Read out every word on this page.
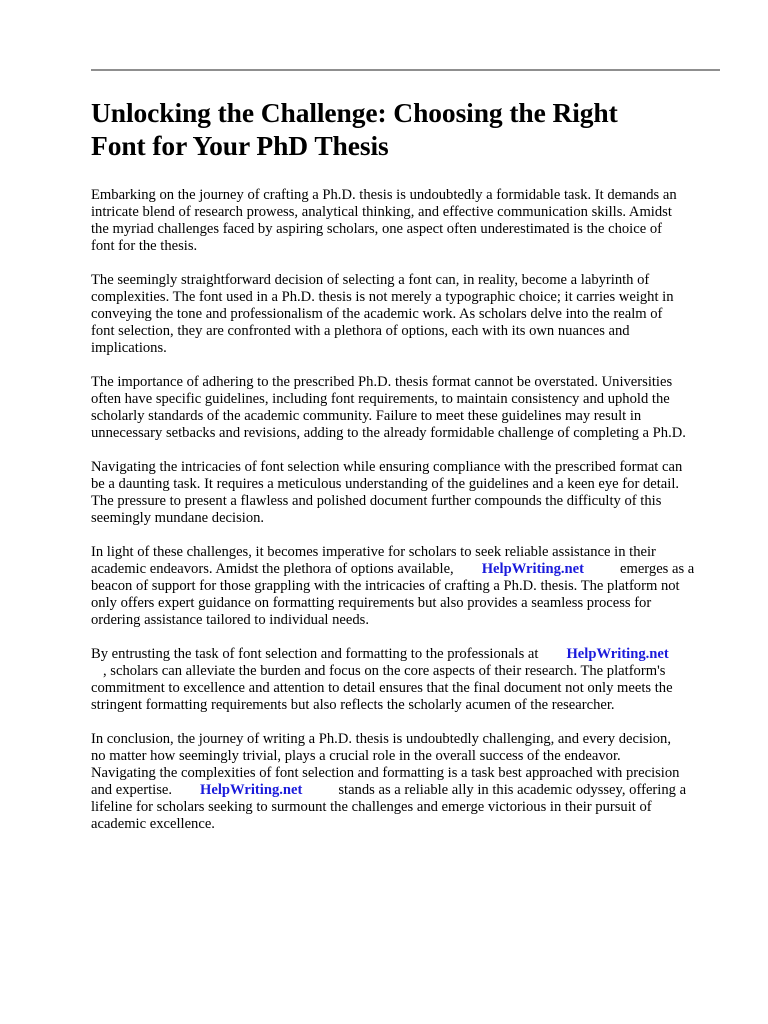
Unlocking the Challenge: Choosing the Right
Font for Your PhD Thesis

Embarking on the journey of crafting a Ph.D. thesis is undoubtedly a formidable task. It demands an
intricate blend of research prowess, analytical thinking, and effective communication skills. Amidst
the myriad challenges faced by aspiring scholars, one aspect often underestimated is the choice of
font for the thesis.

The seemingly straightforward decision of selecting a font can, in reality, become a labyrinth of
complexities. The font used in a Ph.D. thesis is not merely a typographic choice; it carries weight in
conveying the tone and professionalism of the academic work. As scholars delve into the realm of
font selection, they are confronted with a plethora of options, each with its own nuances and
implications.

The importance of adhering to the prescribed Ph.D. thesis format cannot be overstated. Universities
often have specific guidelines, including font requirements, to maintain consistency and uphold the
scholarly standards of the academic community. Failure to meet these guidelines may result in
unnecessary setbacks and revisions, adding to the already formidable challenge of completing a Ph.D.

Navigating the intricacies of font selection while ensuring compliance with the prescribed format can
be a daunting task. It requires a meticulous understanding of the guidelines and a keen eye for detail.
The pressure to present a flawless and polished document further compounds the difficulty of this
seemingly mundane decision.

In light of these challenges, it becomes imperative for scholars to seek reliable assistance in their
academic endeavors. Amidst the plethora of options available, HelpWriting.net emerges as a
beacon of support for those grappling with the intricacies of crafting a Ph.D. thesis. The platform not
only offers expert guidance on formatting requirements but also provides a seamless process for
ordering assistance tailored to individual needs.

By entrusting the task of font selection and formatting to the professionals at HelpWriting.net
, scholars can alleviate the burden and focus on the core aspects of their research. The platform's
commitment to excellence and attention to detail ensures that the final document not only meets the
stringent formatting requirements but also reflects the scholarly acumen of the researcher.

In conclusion, the journey of writing a Ph.D. thesis is undoubtedly challenging, and every decision,
no matter how seemingly trivial, plays a crucial role in the overall success of the endeavor.
Navigating the complexities of font selection and formatting is a task best approached with precision
and expertise. HelpWriting.net stands as a reliable ally in this academic odyssey, offering a
lifeline for scholars seeking to surmount the challenges and emerge victorious in their pursuit of
academic excellence.
